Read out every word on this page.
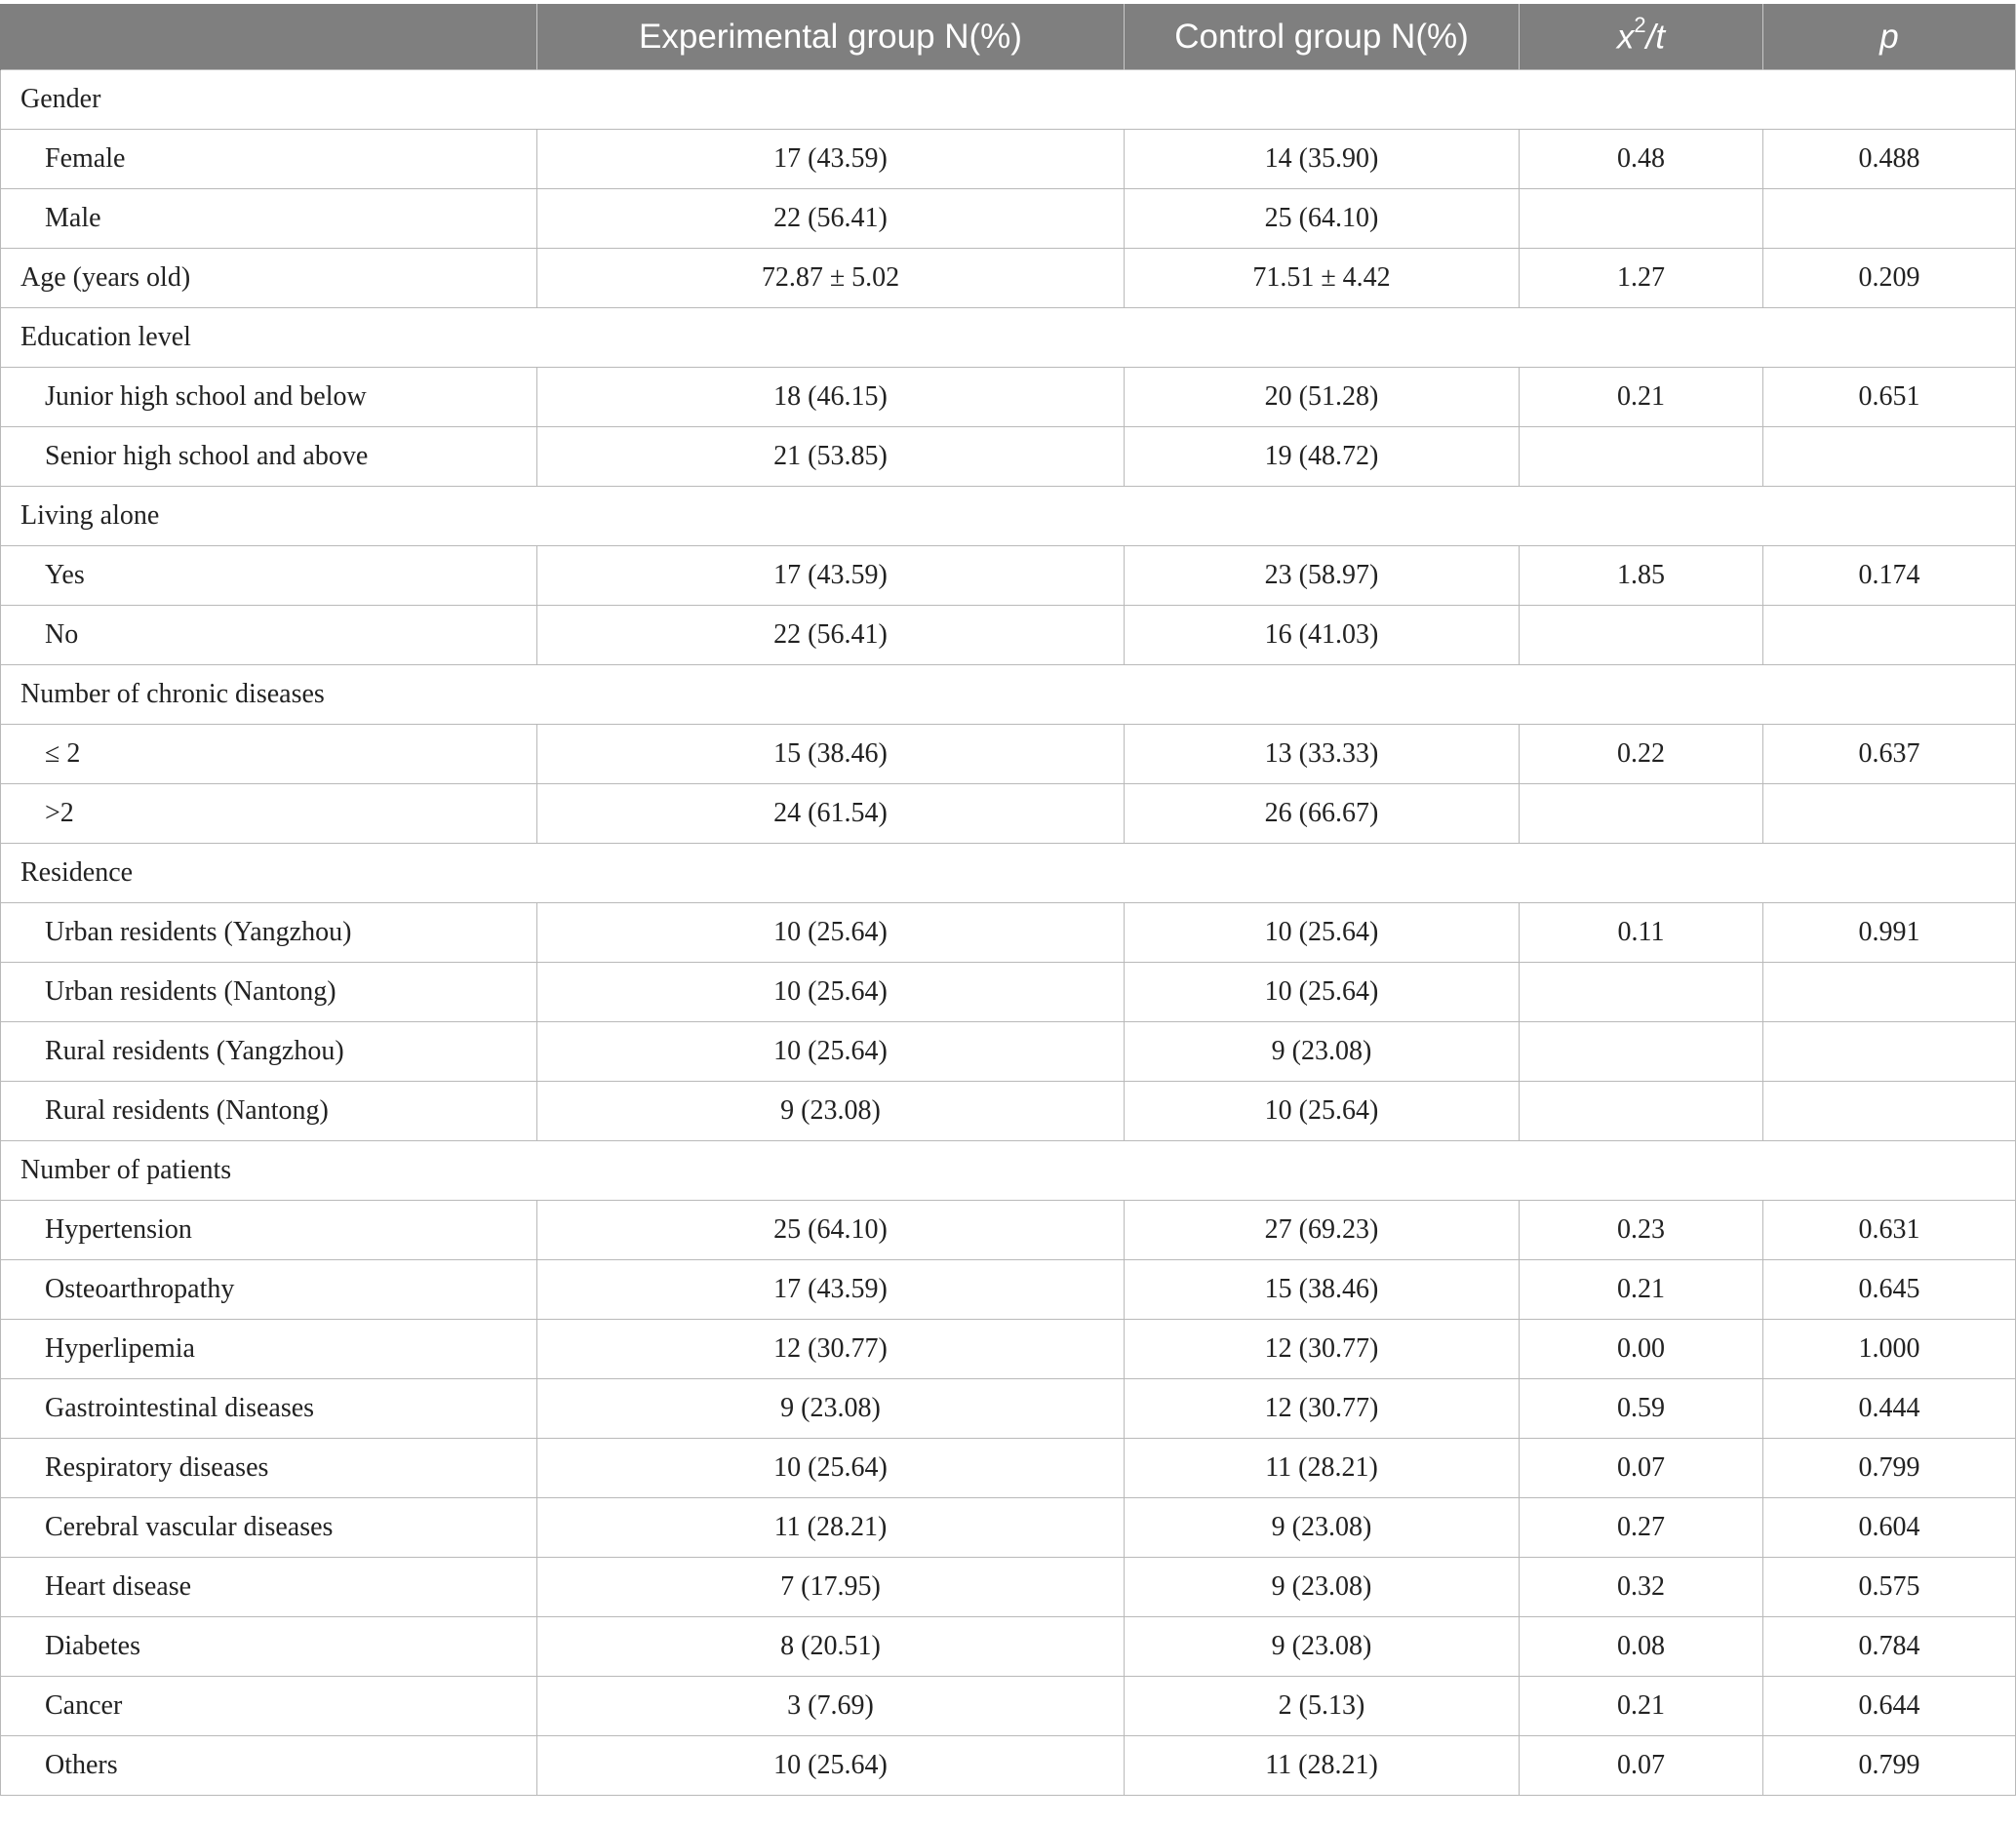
	Experimental group N(%)	Control group N(%)	$x^2/t$	p
Gender				
Female	17 (43.59)	14 (35.90)	0.48	0.488
Male	22 (56.41)	25 (64.10)		
Age (years old)	72.87 ± 5.02	71.51 ± 4.42	1.27	0.209
Education level				
Junior high school and below	18 (46.15)	20 (51.28)	0.21	0.651
Senior high school and above	21 (53.85)	19 (48.72)		
Living alone				
Yes	17 (43.59)	23 (58.97)	1.85	0.174
No	22 (56.41)	16 (41.03)		
Number of chronic diseases				
≤ 2	15 (38.46)	13 (33.33)	0.22	0.637
>2	24 (61.54)	26 (66.67)		
Residence				
Urban residents (Yangzhou)	10 (25.64)	10 (25.64)	0.11	0.991
Urban residents (Nantong)	10 (25.64)	10 (25.64)		
Rural residents (Yangzhou)	10 (25.64)	9 (23.08)		
Rural residents (Nantong)	9 (23.08)	10 (25.64)		
Number of patients				
Hypertension	25 (64.10)	27 (69.23)	0.23	0.631
Osteoarthropathy	17 (43.59)	15 (38.46)	0.21	0.645
Hyperlipemia	12 (30.77)	12 (30.77)	0.00	1.000
Gastrointestinal diseases	9 (23.08)	12 (30.77)	0.59	0.444
Respiratory diseases	10 (25.64)	11 (28.21)	0.07	0.799
Cerebral vascular diseases	11 (28.21)	9 (23.08)	0.27	0.604
Heart disease	7 (17.95)	9 (23.08)	0.32	0.575
Diabetes	8 (20.51)	9 (23.08)	0.08	0.784
Cancer	3 (7.69)	2 (5.13)	0.21	0.644
Others	10 (25.64)	11 (28.21)	0.07	0.799
